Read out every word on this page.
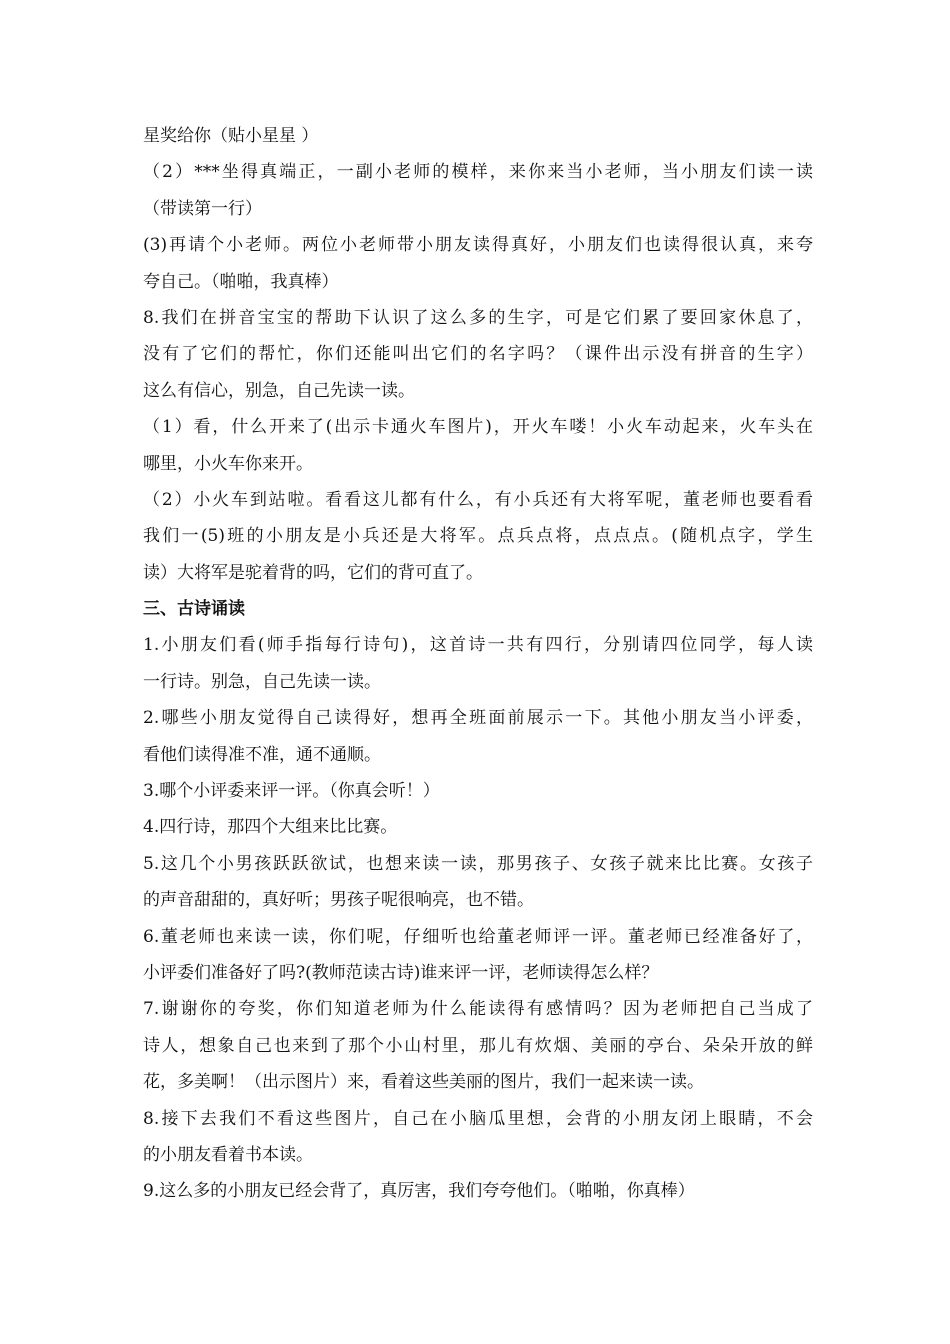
星奖给你（贴小星星 ）
（2）***坐得真端正，一副小老师的模样，来你来当小老师，当小朋友们读一读
（带读第一行）
(3)再请个小老师。两位小老师带小朋友读得真好，小朋友们也读得很认真，来夸
夸自己。（啪啪，我真棒）
8.我们在拼音宝宝的帮助下认识了这么多的生字，可是它们累了要回家休息了，
没有了它们的帮忙，你们还能叫出它们的名字吗？（课件出示没有拼音的生字）
这么有信心，别急，自己先读一读。
（1）看，什么开来了(出示卡通火车图片)，开火车喽！小火车动起来，火车头在
哪里，小火车你来开。
（2）小火车到站啦。看看这儿都有什么，有小兵还有大将军呢，董老师也要看看
我们一(5)班的小朋友是小兵还是大将军。点兵点将，点点点。(随机点字，学生
读）大将军是驼着背的吗，它们的背可直了。
三、古诗诵读
1.小朋友们看(师手指每行诗句)，这首诗一共有四行，分别请四位同学，每人读
一行诗。别急，自己先读一读。
2.哪些小朋友觉得自己读得好，想再全班面前展示一下。其他小朋友当小评委，
看他们读得准不准，通不通顺。
3.哪个小评委来评一评。（你真会听！）
4.四行诗，那四个大组来比比赛。
5.这几个小男孩跃跃欲试，也想来读一读，那男孩子、女孩子就来比比赛。女孩子
的声音甜甜的，真好听；男孩子呢很响亮，也不错。
6.董老师也来读一读，你们呢，仔细听也给董老师评一评。董老师已经准备好了，
小评委们准备好了吗?(教师范读古诗)谁来评一评，老师读得怎么样？
7.谢谢你的夸奖，你们知道老师为什么能读得有感情吗？因为老师把自己当成了
诗人，想象自己也来到了那个小山村里，那儿有炊烟、美丽的亭台、朵朵开放的鲜
花，多美啊！（出示图片）来，看着这些美丽的图片，我们一起来读一读。
8.接下去我们不看这些图片，自己在小脑瓜里想，会背的小朋友闭上眼睛，不会
的小朋友看着书本读。
9.这么多的小朋友已经会背了，真厉害，我们夸夸他们。（啪啪，你真棒）
